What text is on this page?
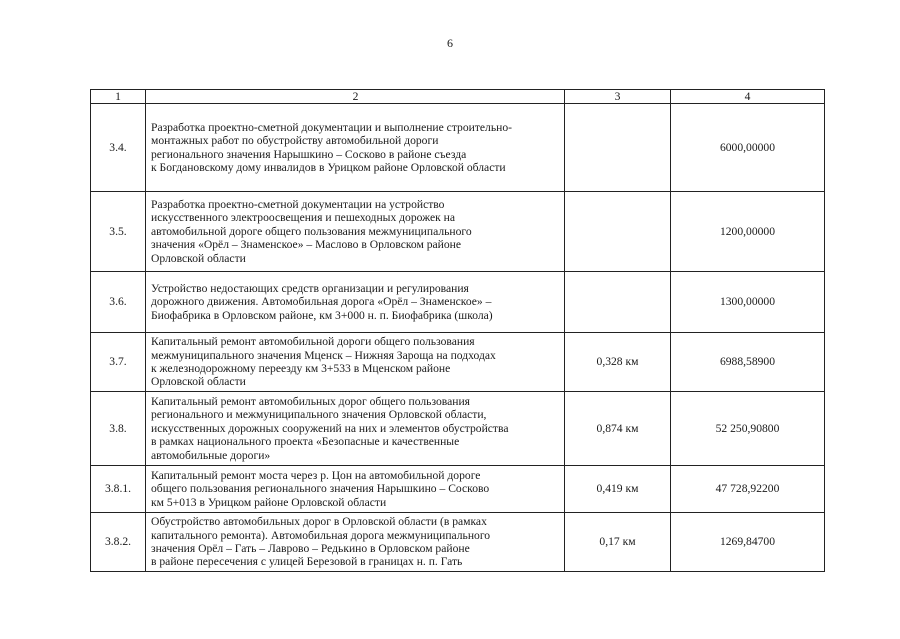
6
1	2	3	4
3.4.	Разработка проектно-сметной документации и выполнение строительно-
монтажных работ по обустройству автомобильной дороги
регионального значения Нарышкино – Сосково в районе съезда
к Богдановскому дому инвалидов в Урицком районе Орловской области		6000,00000
3.5.	Разработка проектно-сметной документации на устройство
искусственного электроосвещения и пешеходных дорожек на
автомобильной дороге общего пользования межмуниципального
значения «Орёл – Знаменское» – Маслово в Орловском районе
Орловской области		1200,00000
3.6.	Устройство недостающих средств организации и регулирования
дорожного движения. Автомобильная дорога «Орёл – Знаменское» –
Биофабрика в Орловском районе, км 3+000 н. п. Биофабрика (школа)		1300,00000
3.7.	Капитальный ремонт автомобильной дороги общего пользования
межмуниципального значения Мценск – Нижняя Зароща на подходах
к железнодорожному переезду км 3+533 в Мценском районе
Орловской области	0,328 км	6988,58900
3.8.	Капитальный ремонт автомобильных дорог общего пользования
регионального и межмуниципального значения Орловской области,
искусственных дорожных сооружений на них и элементов обустройства
в рамках национального проекта «Безопасные и качественные
автомобильные дороги»	0,874 км	52 250,90800
3.8.1.	Капитальный ремонт моста через р. Цон на автомобильной дороге
общего пользования регионального значения Нарышкино – Сосково
км 5+013 в Урицком районе Орловской области	0,419 км	47 728,92200
3.8.2.	Обустройство автомобильных дорог в Орловской области (в рамках
капитального ремонта). Автомобильная дорога межмуниципального
значения Орёл – Гать – Лаврово – Редькино в Орловском районе
в районе пересечения с улицей Березовой в границах н. п. Гать	0,17 км	1269,84700
